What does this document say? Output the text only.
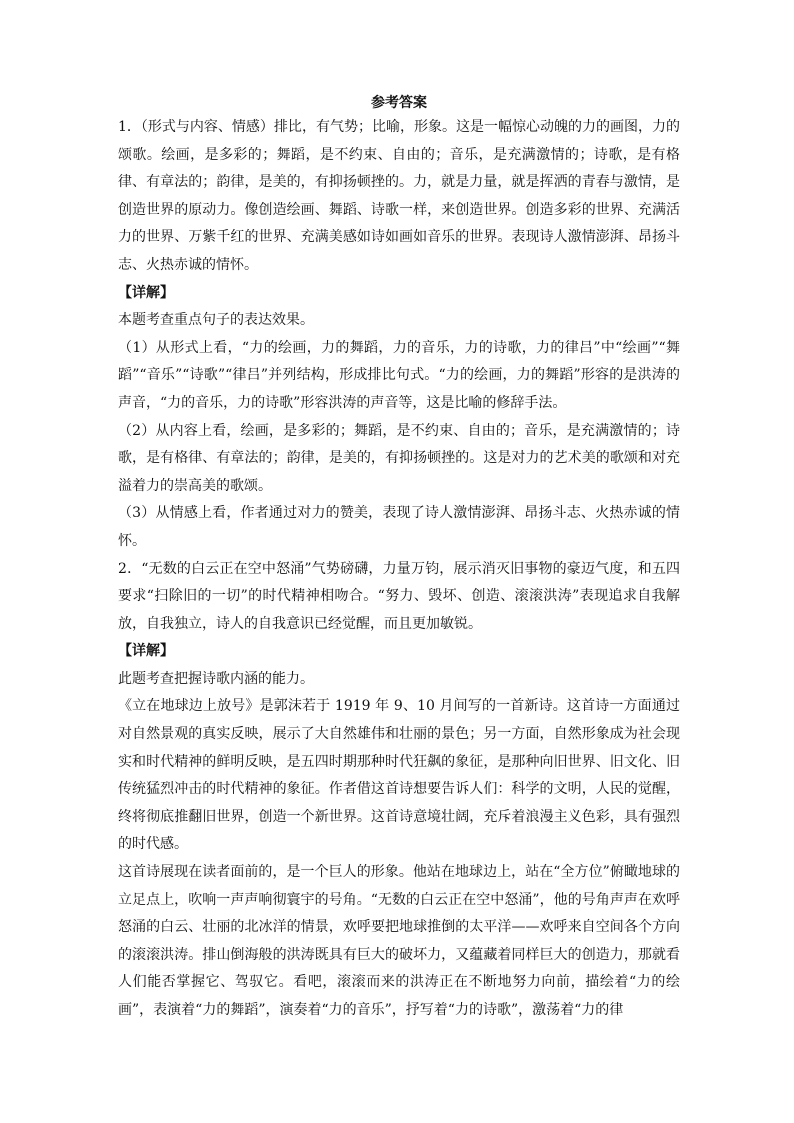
参考答案

1．（形式与内容、情感）排比，有气势；比喻，形象。这是一幅惊心动魄的力的画图，力的颂歌。绘画，是多彩的；舞蹈，是不约束、自由的；音乐，是充满激情的；诗歌，是有格律、有章法的；韵律，是美的，有抑扬顿挫的。力，就是力量，就是挥洒的青春与激情，是创造世界的原动力。像创造绘画、舞蹈、诗歌一样，来创造世界。创造多彩的世界、充满活力的世界、万紫千红的世界、充满美感如诗如画如音乐的世界。表现诗人激情澎湃、昂扬斗志、火热赤诚的情怀。

【详解】

本题考查重点句子的表达效果。

（1）从形式上看，“力的绘画，力的舞蹈，力的音乐，力的诗歌，力的律吕”中“绘画”“舞蹈”“音乐”“诗歌”“律吕”并列结构，形成排比句式。“力的绘画，力的舞蹈”形容的是洪涛的声音，“力的音乐，力的诗歌”形容洪涛的声音等，这是比喻的修辞手法。

（2）从内容上看，绘画，是多彩的；舞蹈，是不约束、自由的；音乐，是充满激情的；诗歌，是有格律、有章法的；韵律，是美的，有抑扬顿挫的。这是对力的艺术美的歌颂和对充溢着力的崇高美的歌颂。

（3）从情感上看，作者通过对力的赞美，表现了诗人激情澎湃、昂扬斗志、火热赤诚的情怀。

2．“无数的白云正在空中怒涌”气势磅礴，力量万钧，展示消灭旧事物的豪迈气度，和五四要求“扫除旧的一切”的时代精神相吻合。“努力、毁坏、创造、滚滚洪涛”表现追求自我解放，自我独立，诗人的自我意识已经觉醒，而且更加敏锐。

【详解】

此题考查把握诗歌内涵的能力。

《立在地球边上放号》是郭沫若于 1919 年 9、10 月间写的一首新诗。这首诗一方面通过对自然景观的真实反映，展示了大自然雄伟和壮丽的景色；另一方面，自然形象成为社会现实和时代精神的鲜明反映，是五四时期那种时代狂飙的象征，是那种向旧世界、旧文化、旧传统猛烈冲击的时代精神的象征。作者借这首诗想要告诉人们：科学的文明，人民的觉醒，终将彻底推翻旧世界，创造一个新世界。这首诗意境壮阔，充斥着浪漫主义色彩，具有强烈的时代感。

这首诗展现在读者面前的，是一个巨人的形象。他站在地球边上，站在“全方位”俯瞰地球的立足点上，吹响一声声响彻寰宇的号角。“无数的白云正在空中怒涌”，他的号角声声在欢呼怒涌的白云、壮丽的北冰洋的情景，欢呼要把地球推倒的太平洋——欢呼来自空间各个方向的滚滚洪涛。排山倒海般的洪涛既具有巨大的破坏力，又蕴藏着同样巨大的创造力，那就看人们能否掌握它、驾驭它。看吧，滚滚而来的洪涛正在不断地努力向前，描绘着“力的绘画”，表演着“力的舞蹈”，演奏着“力的音乐”，抒写着“力的诗歌”，激荡着“力的律
